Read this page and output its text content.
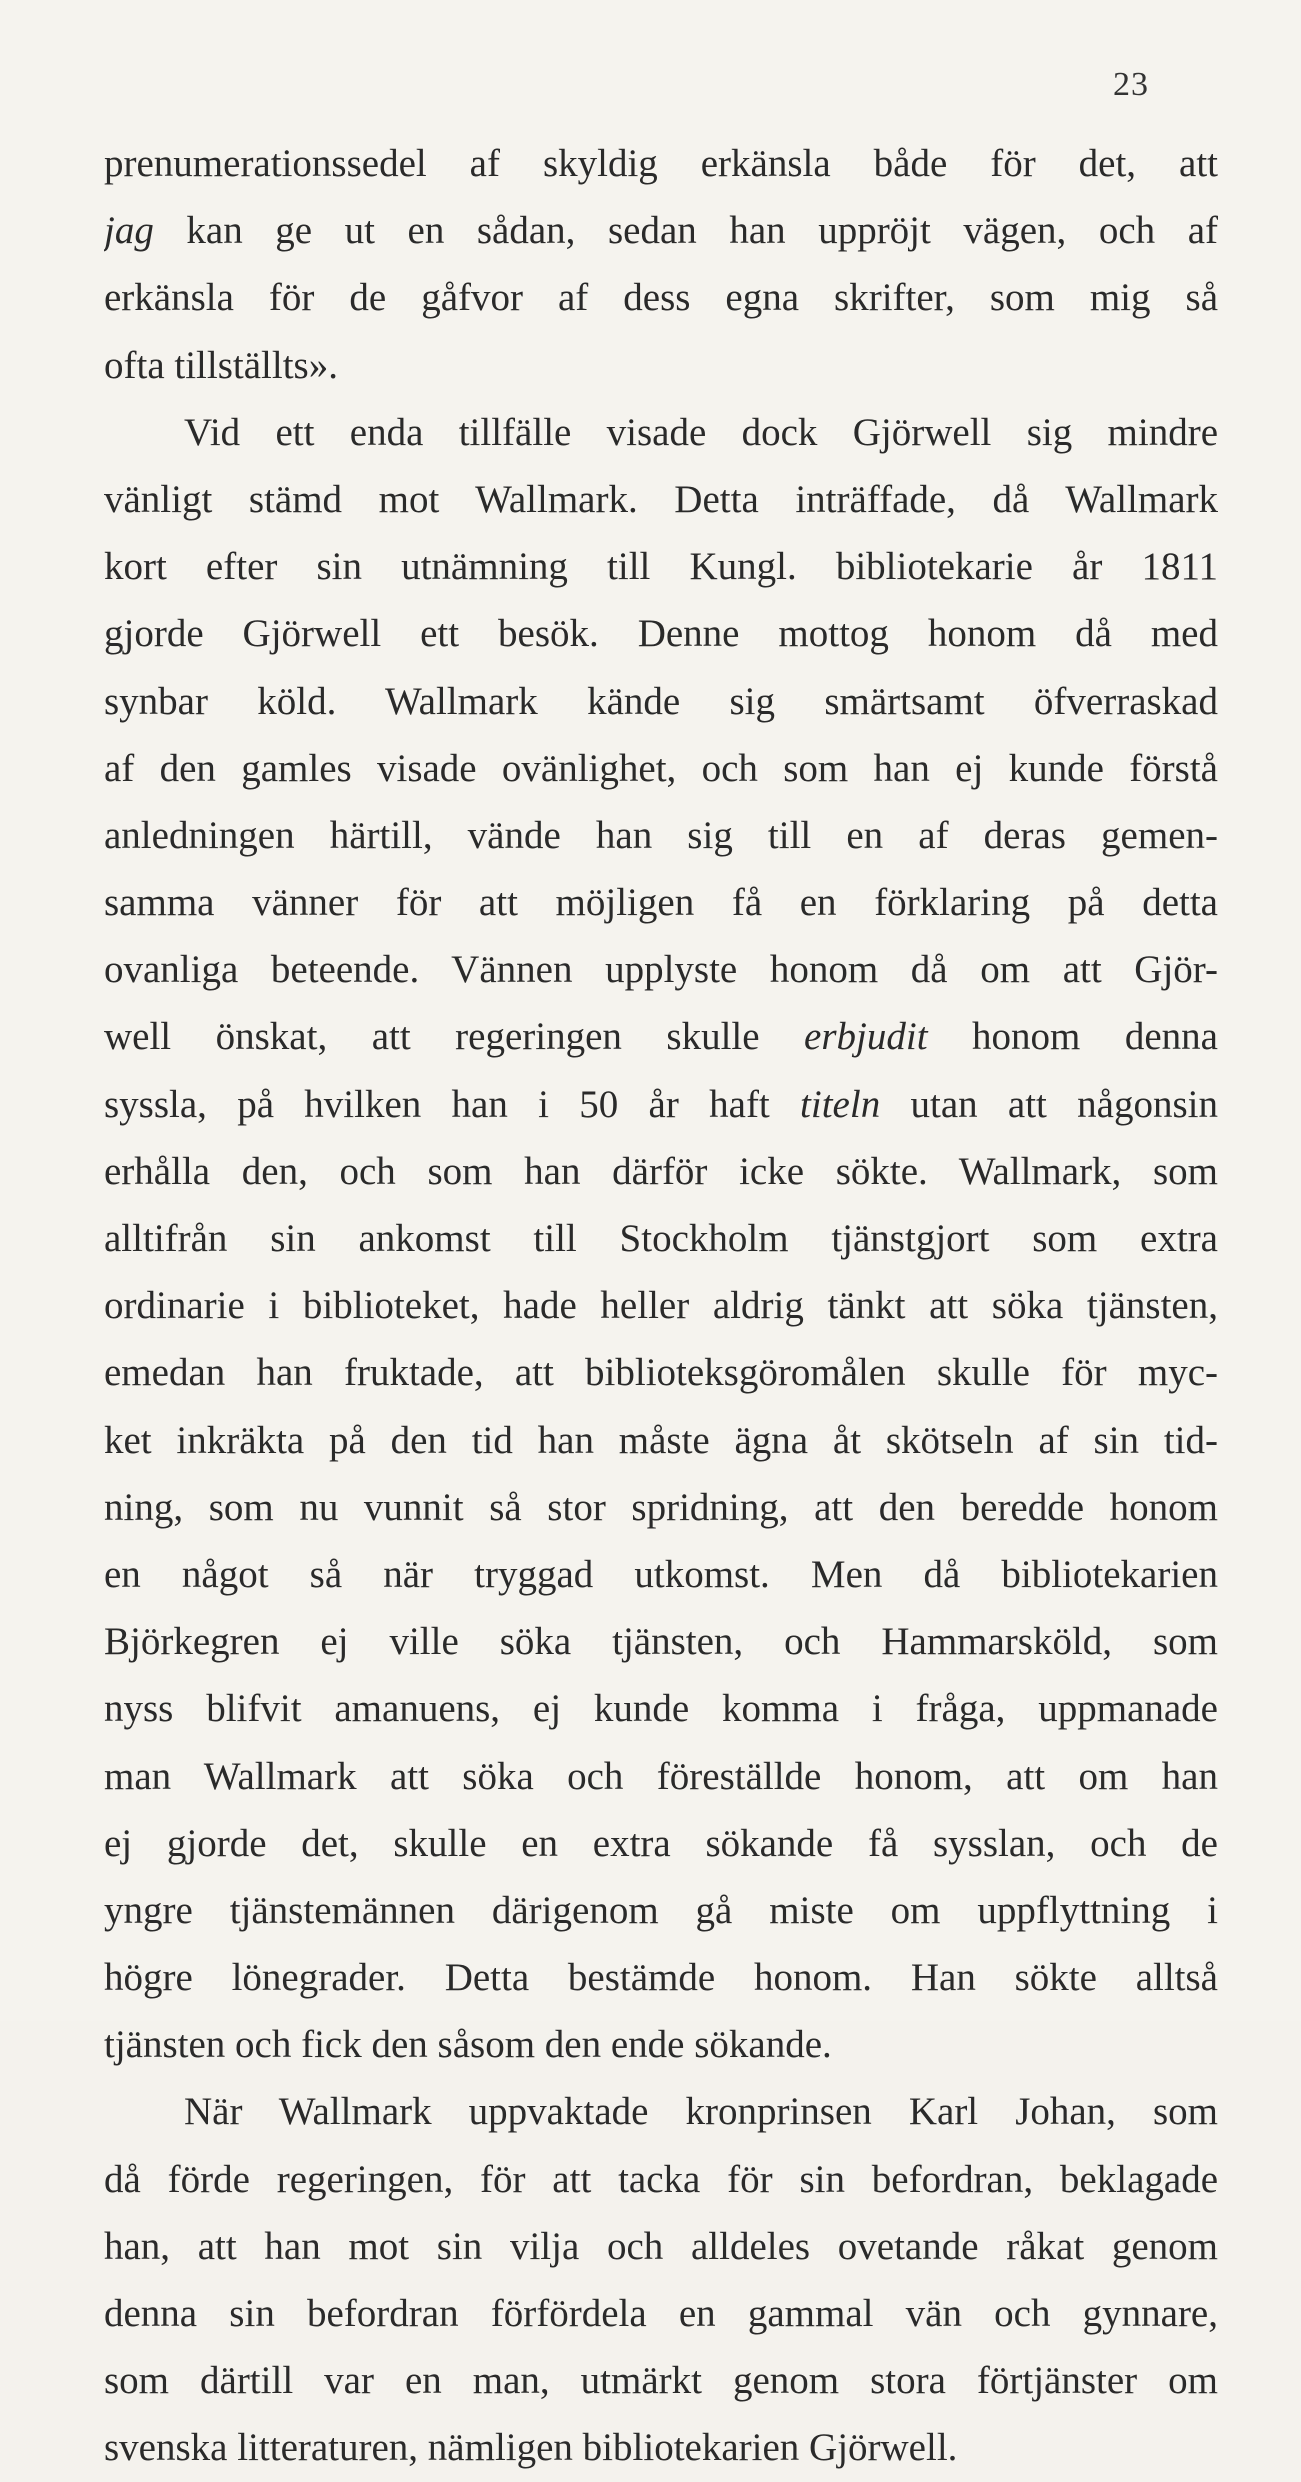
23
prenumerationssedel af skyldig erkänsla både för det, att
jag kan ge ut en sådan, sedan han uppröjt vägen, och af
erkänsla för de gåfvor af dess egna skrifter, som mig så
ofta tillställts».
Vid ett enda tillfälle visade dock Gjörwell sig mindre
vänligt stämd mot Wallmark. Detta inträffade, då Wallmark
kort efter sin utnämning till Kungl. bibliotekarie år 1811
gjorde Gjörwell ett besök. Denne mottog honom då med
synbar köld. Wallmark kände sig smärtsamt öfverraskad
af den gamles visade ovänlighet, och som han ej kunde förstå
anledningen härtill, vände han sig till en af deras gemen-
samma vänner för att möjligen få en förklaring på detta
ovanliga beteende. Vännen upplyste honom då om att Gjör-
well önskat, att regeringen skulle erbjudit honom denna
syssla, på hvilken han i 50 år haft titeln utan att någonsin
erhålla den, och som han därför icke sökte. Wallmark, som
alltifrån sin ankomst till Stockholm tjänstgjort som extra
ordinarie i biblioteket, hade heller aldrig tänkt att söka tjänsten,
emedan han fruktade, att biblioteksgöromålen skulle för myc-
ket inkräkta på den tid han måste ägna åt skötseln af sin tid-
ning, som nu vunnit så stor spridning, att den beredde honom
en något så när tryggad utkomst. Men då bibliotekarien
Björkegren ej ville söka tjänsten, och Hammarsköld, som
nyss blifvit amanuens, ej kunde komma i fråga, uppmanade
man Wallmark att söka och föreställde honom, att om han
ej gjorde det, skulle en extra sökande få sysslan, och de
yngre tjänstemännen därigenom gå miste om uppflyttning i
högre lönegrader. Detta bestämde honom. Han sökte alltså
tjänsten och fick den såsom den ende sökande.
När Wallmark uppvaktade kronprinsen Karl Johan, som
då förde regeringen, för att tacka för sin befordran, beklagade
han, att han mot sin vilja och alldeles ovetande råkat genom
denna sin befordran förfördela en gammal vän och gynnare,
som därtill var en man, utmärkt genom stora förtjänster om
svenska litteraturen, nämligen bibliotekarien Gjörwell.
